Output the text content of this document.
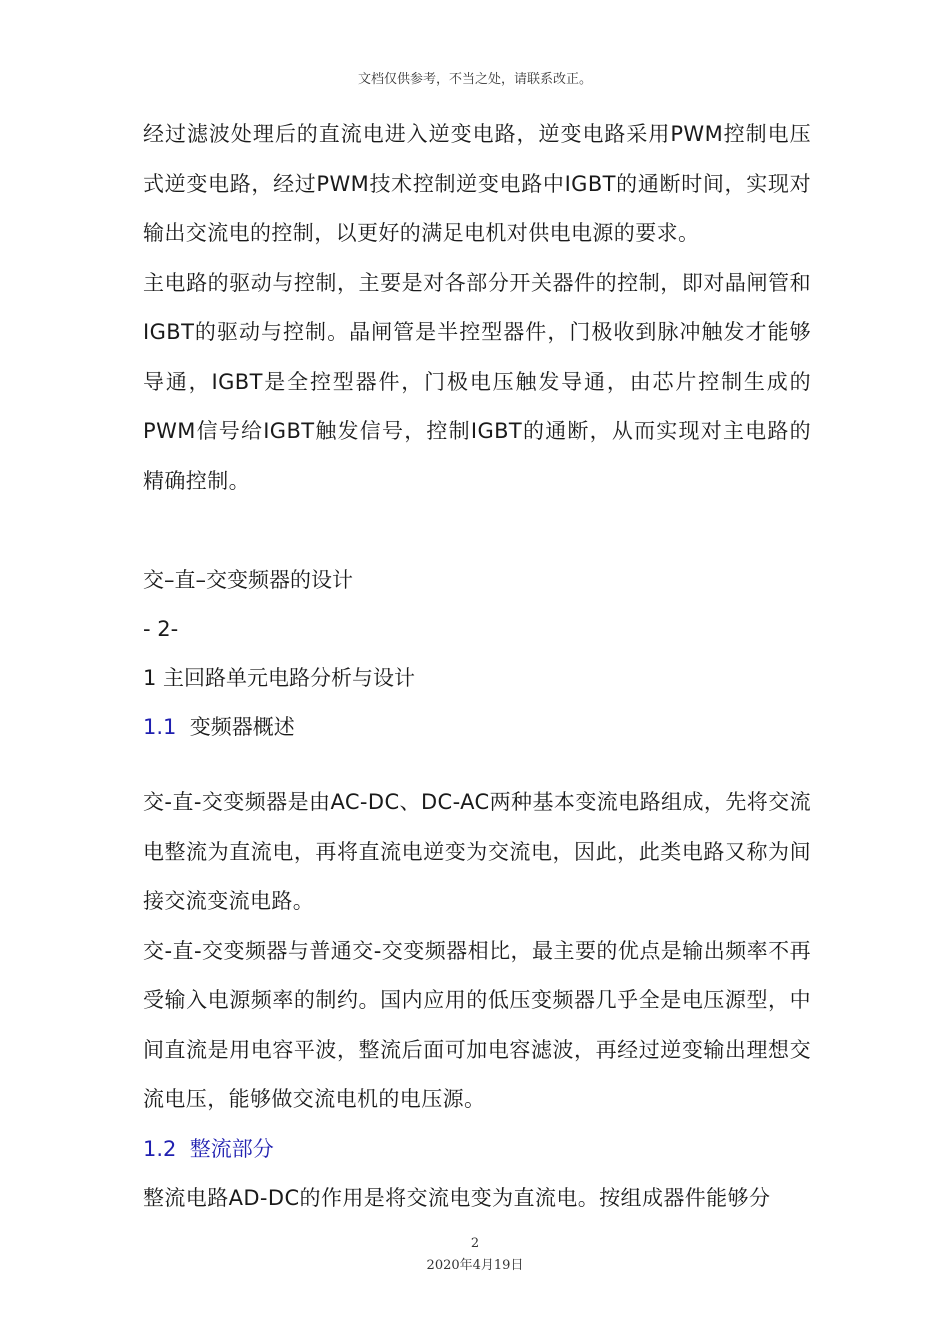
文档仅供参考，不当之处，请联系改正。

经过滤波处理后的直流电进入逆变电路，逆变电路采用PWM控制电压式逆变电路，经过PWM技术控制逆变电路中IGBT的通断时间，实现对输出交流电的控制，以更好的满足电机对供电电源的要求。

主电路的驱动与控制，主要是对各部分开关器件的控制，即对晶闸管和IGBT的驱动与控制。晶闸管是半控型器件，门极收到脉冲触发才能够导通，IGBT是全控型器件，门极电压触发导通，由芯片控制生成的PWM信号给IGBT触发信号，控制IGBT的通断，从而实现对主电路的精确控制。

交–直–交变频器的设计

- 2-

1 主回路单元电路分析与设计

1.1 变频器概述

交-直-交变频器是由AC-DC、DC-AC两种基本变流电路组成，先将交流电整流为直流电，再将直流电逆变为交流电，因此，此类电路又称为间接交流变流电路。

交-直-交变频器与普通交-交变频器相比，最主要的优点是输出频率不再受输入电源频率的制约。国内应用的低压变频器几乎全是电压源型，中间直流是用电容平波，整流后面可加电容滤波，再经过逆变输出理想交流电压，能够做交流电机的电压源。

1.2 整流部分

整流电路AD-DC的作用是将交流电变为直流电。按组成器件能够分

2
2020年4月19日
